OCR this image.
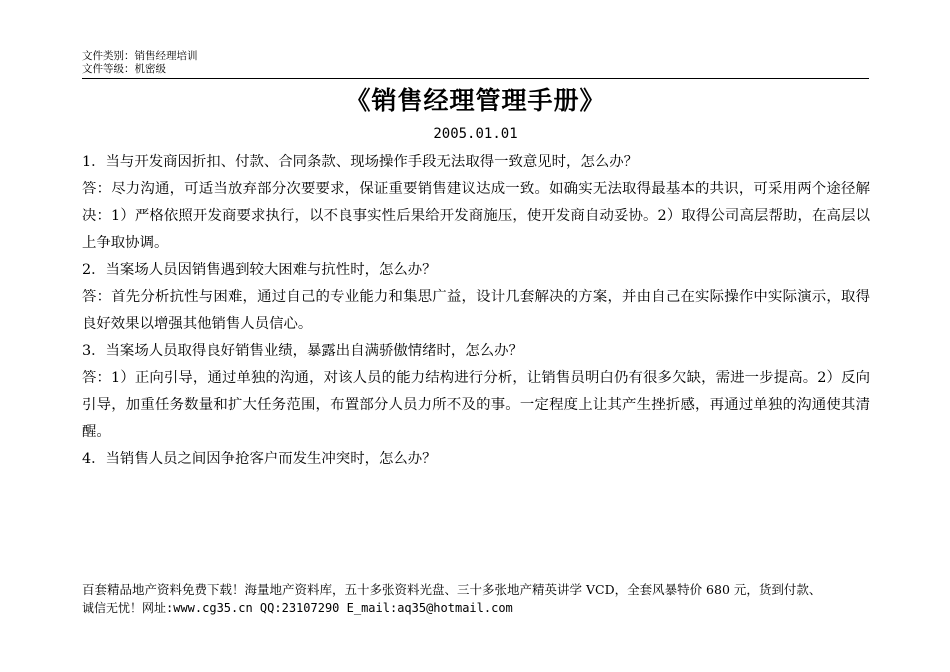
文件类别：销售经理培训
文件等级：机密级
《销售经理管理手册》
2005.01.01

1．当与开发商因折扣、付款、合同条款、现场操作手段无法取得一致意见时，怎么办？

答：尽力沟通，可适当放弃部分次要要求，保证重要销售建议达成一致。如确实无法取得最基本的共识，可采用两个途径解决：1）严格依照开发商要求执行，以不良事实性后果给开发商施压，使开发商自动妥协。2）取得公司高层帮助，在高层以上争取协调。

2．当案场人员因销售遇到较大困难与抗性时，怎么办？

答：首先分析抗性与困难，通过自己的专业能力和集思广益，设计几套解决的方案，并由自己在实际操作中实际演示，取得良好效果以增强其他销售人员信心。

3．当案场人员取得良好销售业绩，暴露出自满骄傲情绪时，怎么办？

答：1）正向引导，通过单独的沟通，对该人员的能力结构进行分析，让销售员明白仍有很多欠缺，需进一步提高。2）反向引导，加重任务数量和扩大任务范围，布置部分人员力所不及的事。一定程度上让其产生挫折感，再通过单独的沟通使其清醒。

4．当销售人员之间因争抢客户而发生冲突时，怎么办？

百套精品地产资料免费下载！海量地产资料库，五十多张资料光盘、三十多张地产精英讲学 VCD，全套风暴特价 680 元，货到付款、
诚信无忧！网址:www.cg35.cn QQ:23107290 E_mail:aq35@hotmail.com
